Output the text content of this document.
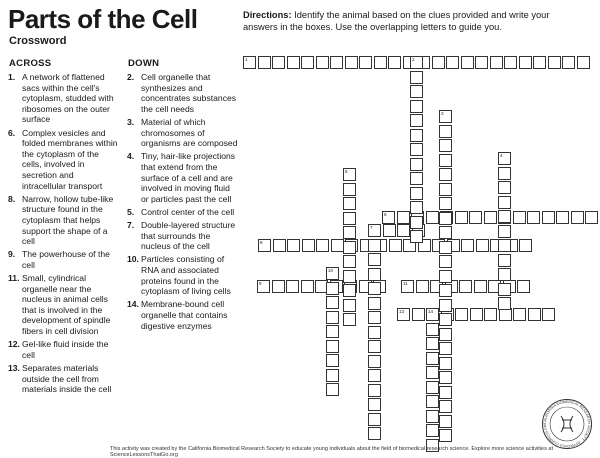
Parts of the Cell
Crossword
Directions: Identify the animal based on the clues provided and write your answers in the boxes. Use the overlapping letters to guide you.
ACROSS	DOWN
1. A network of flattened sacs within the cell's cytoplasm, studded with ribosomes on the outer surface
6. Complex vesicles and folded membranes within the cytoplasm of the cells, involved in secretion and intracellular transport
8. Narrow, hollow tube-like structure found in the cytoplasm that helps support the shape of a cell
9. The powerhouse of the cell
11. Small, cylindrical organelle near the nucleus in animal cells that is involved in the development of spindle fibers in cell division
12. Gel-like fluid inside the cell
13. Separates materials outside the cell from materials inside the cell
2. Cell organelle that synthesizes and concentrates substances the cell needs
3. Material of which chromosomes of organisms are composed
4. Tiny, hair-like projections that extend from the surface of a cell and are involved in moving fluid or particles past the cell
5. Control center of the cell
7. Double-layered structure that surrounds the nucleus of the cell
10. Particles consisting of RNA and associated proteins found in the cytoplasm of living cells
14. Membrane-bound cell organelle that contains digestive enzymes
1
6
8
9	11
7
13	14
2
3
4
5
10
This activity was created by the California Biomedical Research Society to educate young individuals about the field of biomedical research science. Explore more science activities at ScienceLessonsThatGo.org
CALIFORNIA BIOMEDICAL RESEARCH SOCIETY · APPROVED CURRICULUM
